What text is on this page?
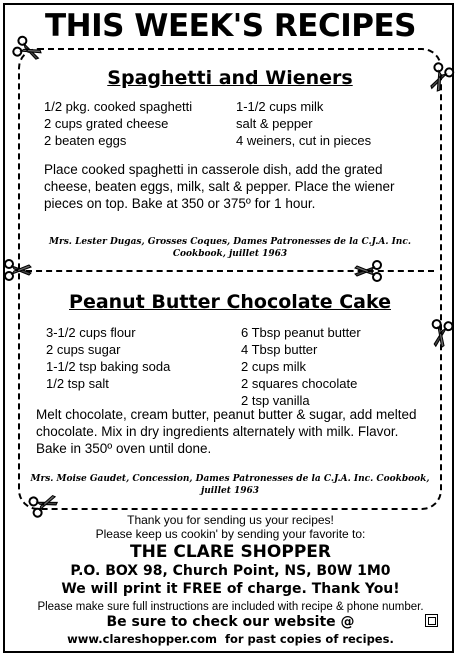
THIS WEEK'S RECIPES
Spaghetti and Wieners
1/2 pkg. cooked spaghetti
2 cups grated cheese
2 beaten eggs
1-1/2 cups milk
salt & pepper
4 weiners, cut in pieces
Place cooked spaghetti in casserole dish, add the grated cheese, beaten eggs, milk, salt & pepper. Place the wiener pieces on top. Bake at 350 or 375º for 1 hour.
Mrs. Lester Dugas, Grosses Coques, Dames Patronesses de la C.J.A. Inc.
Cookbook, juillet 1963
Peanut Butter Chocolate Cake
3-1/2 cups flour
2 cups sugar
1-1/2 tsp baking soda
1/2 tsp salt
6 Tbsp peanut butter
4 Tbsp butter
2 cups milk
2 squares chocolate
2 tsp vanilla
Melt chocolate, cream butter, peanut butter & sugar, add melted chocolate. Mix in dry ingredients alternately with milk. Flavor. Bake in 350º oven until done.
Mrs. Moise Gaudet, Concession, Dames Patronesses de la C.J.A. Inc. Cookbook,
juillet 1963
Thank you for sending us your recipes!
Please keep us cookin' by sending your favorite to:
THE CLARE SHOPPER
P.O. BOX 98, Church Point, NS, B0W 1M0
We will print it FREE of charge. Thank You!
Please make sure full instructions are included with recipe & phone number.
Be sure to check our website @
www.clareshopper.com  for past copies of recipes.
